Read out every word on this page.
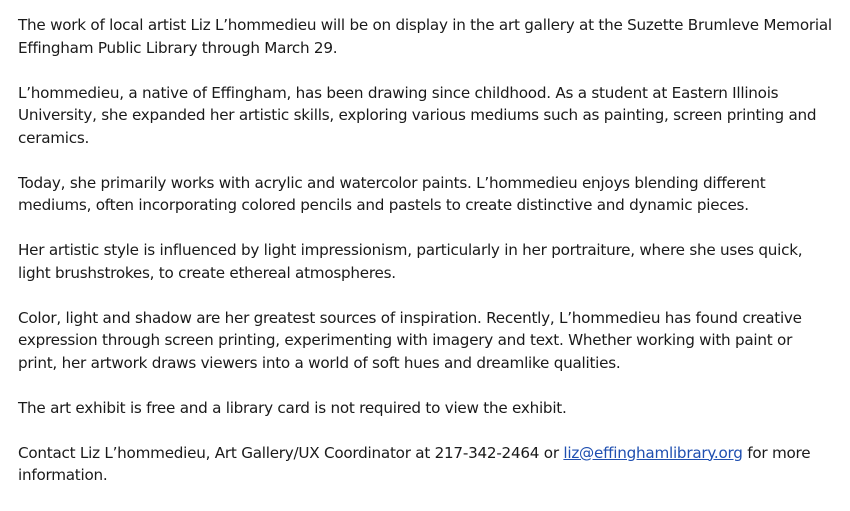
The work of local artist Liz L’hommedieu will be on display in the art gallery at the Suzette Brumleve Memorial Effingham Public Library through March 29.

L’hommedieu, a native of Effingham, has been drawing since childhood. As a student at Eastern Illinois University, she expanded her artistic skills, exploring various mediums such as painting, screen printing and ceramics.

Today, she primarily works with acrylic and watercolor paints. L’hommedieu enjoys blending different mediums, often incorporating colored pencils and pastels to create distinctive and dynamic pieces.

Her artistic style is influenced by light impressionism, particularly in her portraiture, where she uses quick, light brushstrokes, to create ethereal atmospheres.

Color, light and shadow are her greatest sources of inspiration. Recently, L’hommedieu has found creative expression through screen printing, experimenting with imagery and text. Whether working with paint or print, her artwork draws viewers into a world of soft hues and dreamlike qualities.

The art exhibit is free and a library card is not required to view the exhibit.

Contact Liz L’hommedieu, Art Gallery/UX Coordinator at 217-342-2464 or liz@effinghamlibrary.org for more information.
